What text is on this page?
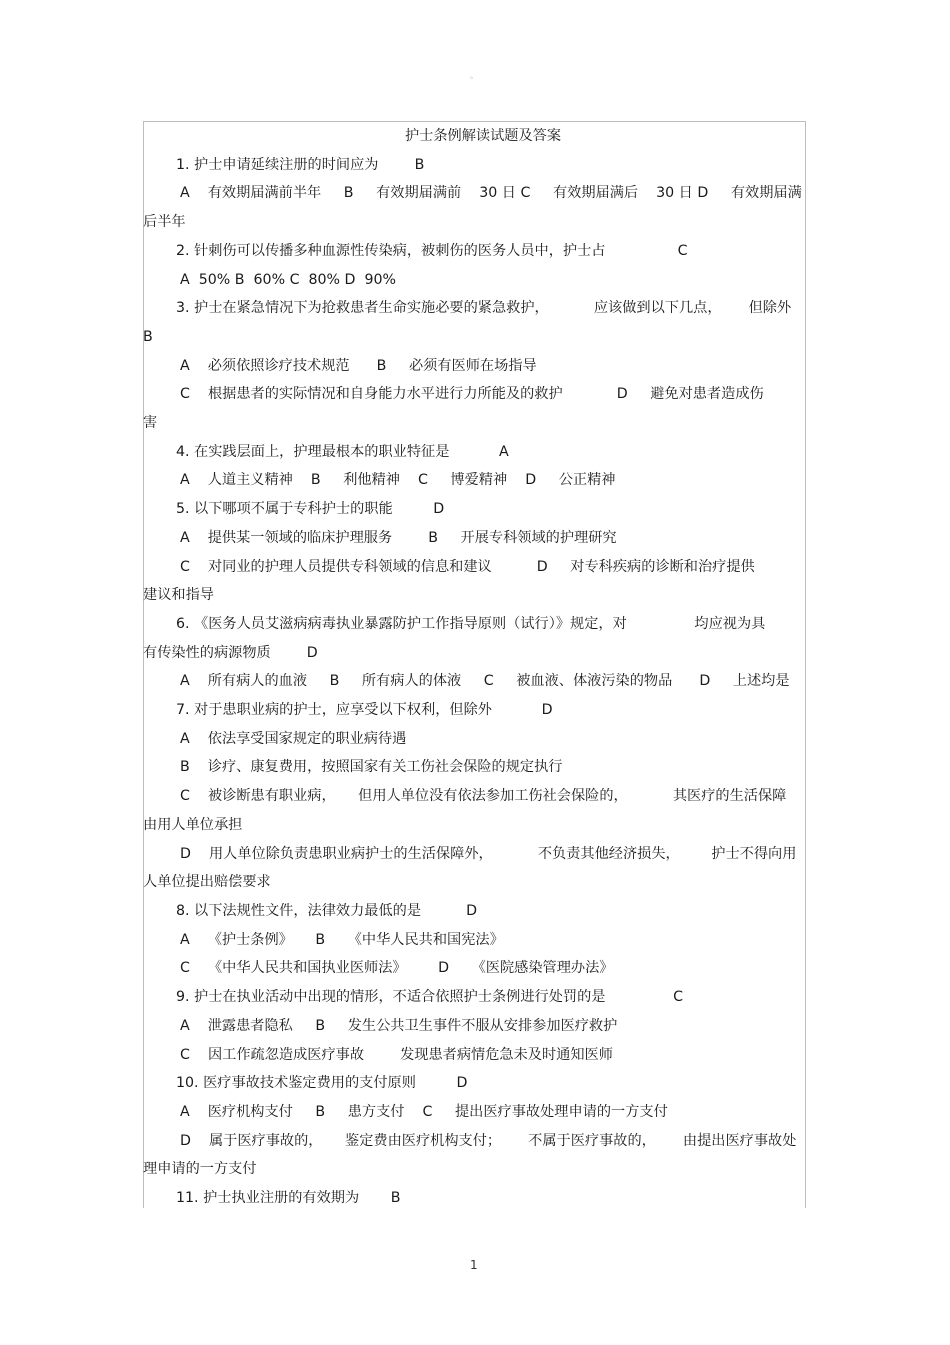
。
护士条例解读试题及答案
1. 护士申请延续注册的时间应为        B
A    有效期届满前半年     B     有效期届满前    30 日 C     有效期届满后    30 日 D     有效期届满
后半年
2. 针刺伤可以传播多种血源性传染病，被刺伤的医务人员中，护士占                C
A  50% B  60% C  80% D  90%
3. 护士在紧急情况下为抢救患者生命实施必要的紧急救护，          应该做到以下几点，      但除外
B
A    必须依照诊疗技术规范      B     必须有医师在场指导
C    根据患者的实际情况和自身能力水平进行力所能及的救护            D     避免对患者造成伤
害
4. 在实践层面上，护理最根本的职业特征是           A
A    人道主义精神    B     利他精神    C     博爱精神    D     公正精神
5. 以下哪项不属于专科护士的职能         D
A    提供某一领域的临床护理服务        B     开展专科领域的护理研究
C    对同业的护理人员提供专科领域的信息和建议          D     对专科疾病的诊断和治疗提供
建议和指导
6. 《医务人员艾滋病病毒执业暴露防护工作指导原则（试行）》规定，对               均应视为具
有传染性的病源物质        D
A    所有病人的血液     B     所有病人的体液     C     被血液、体液污染的物品      D     上述均是
7. 对于患职业病的护士，应享受以下权利，但除外           D
A    依法享受国家规定的职业病待遇
B    诊疗、康复费用，按照国家有关工伤社会保险的规定执行
C    被诊断患有职业病，     但用人单位没有依法参加工伤社会保险的，          其医疗的生活保障
由用人单位承担
D    用人单位除负责患职业病护士的生活保障外，          不负责其他经济损失，       护士不得向用
人单位提出赔偿要求
8. 以下法规性文件，法律效力最低的是          D
A    《护士条例》     B     《中华人民共和国宪法》
C    《中华人民共和国执业医师法》       D     《医院感染管理办法》
9. 护士在执业活动中出现的情形，不适合依照护士条例进行处罚的是               C
A    泄露患者隐私     B     发生公共卫生事件不服从安排参加医疗救护
C    因工作疏忽造成医疗事故        发现患者病情危急未及时通知医师
10. 医疗事故技术鉴定费用的支付原则         D
A    医疗机构支付     B     患方支付    C     提出医疗事故处理申请的一方支付
D    属于医疗事故的，     鉴定费由医疗机构支付；      不属于医疗事故的，      由提出医疗事故处
理申请的一方支付
11. 护士执业注册的有效期为       B
1
